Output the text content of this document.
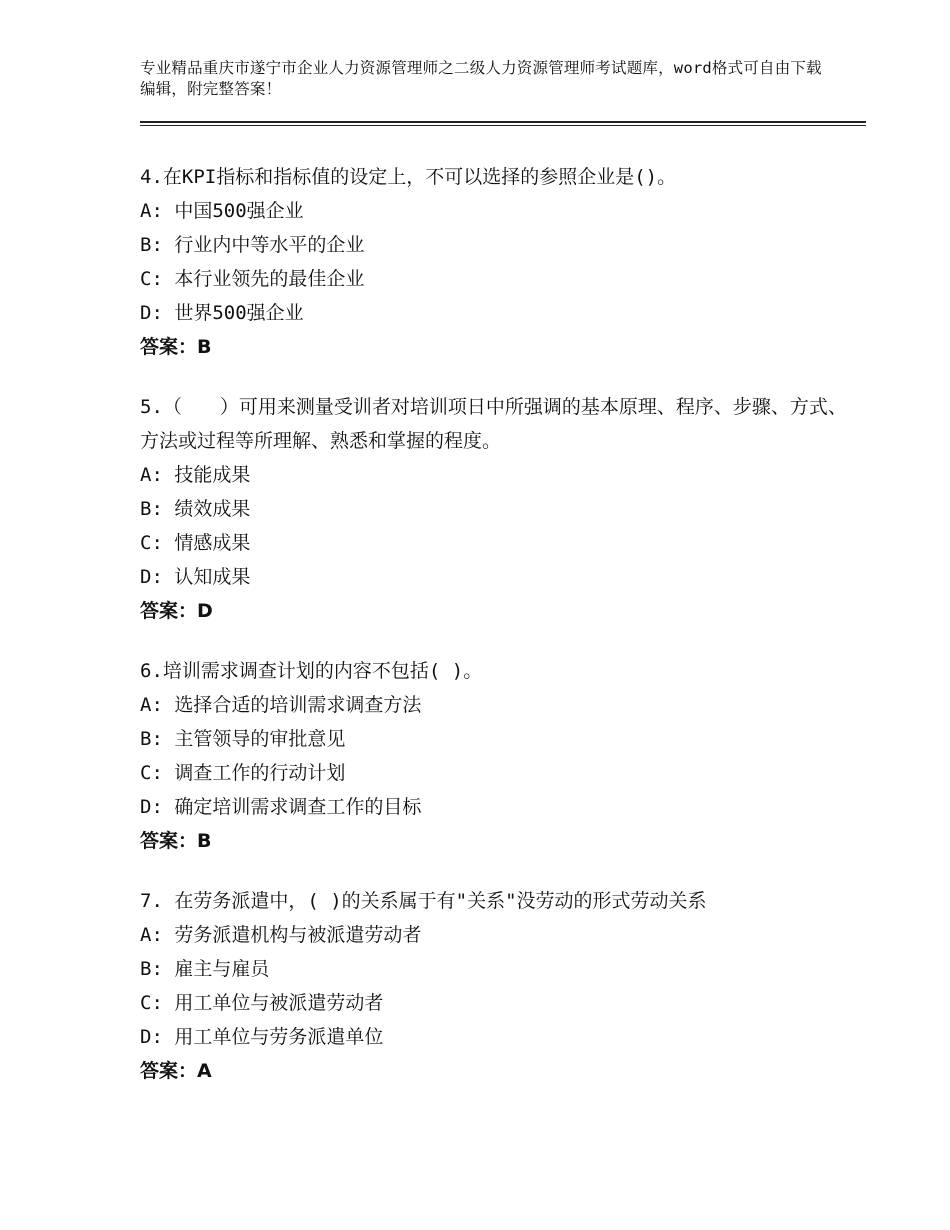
专业精品重庆市遂宁市企业人力资源管理师之二级人力资源管理师考试题库，word格式可自由下载编辑，附完整答案！

4.在KPI指标和指标值的设定上，不可以选择的参照企业是()。

A: 中国500强企业

B: 行业内中等水平的企业

C: 本行业领先的最佳企业

D: 世界500强企业

答案：B

5.（　　）可用来测量受训者对培训项日中所强调的基本原理、程序、步骤、方式、方法或过程等所理解、熟悉和掌握的程度。

A: 技能成果

B: 绩效成果

C: 情感成果

D: 认知成果

答案：D

6.培训需求调查计划的内容不包括( )。

A: 选择合适的培训需求调查方法

B: 主管领导的审批意见

C: 调查工作的行动计划

D: 确定培训需求调查工作的目标

答案：B

7. 在劳务派遣中，( )的关系属于有"关系"没劳动的形式劳动关系

A: 劳务派遣机构与被派遣劳动者

B: 雇主与雇员

C: 用工单位与被派遣劳动者

D: 用工单位与劳务派遣单位

答案：A
